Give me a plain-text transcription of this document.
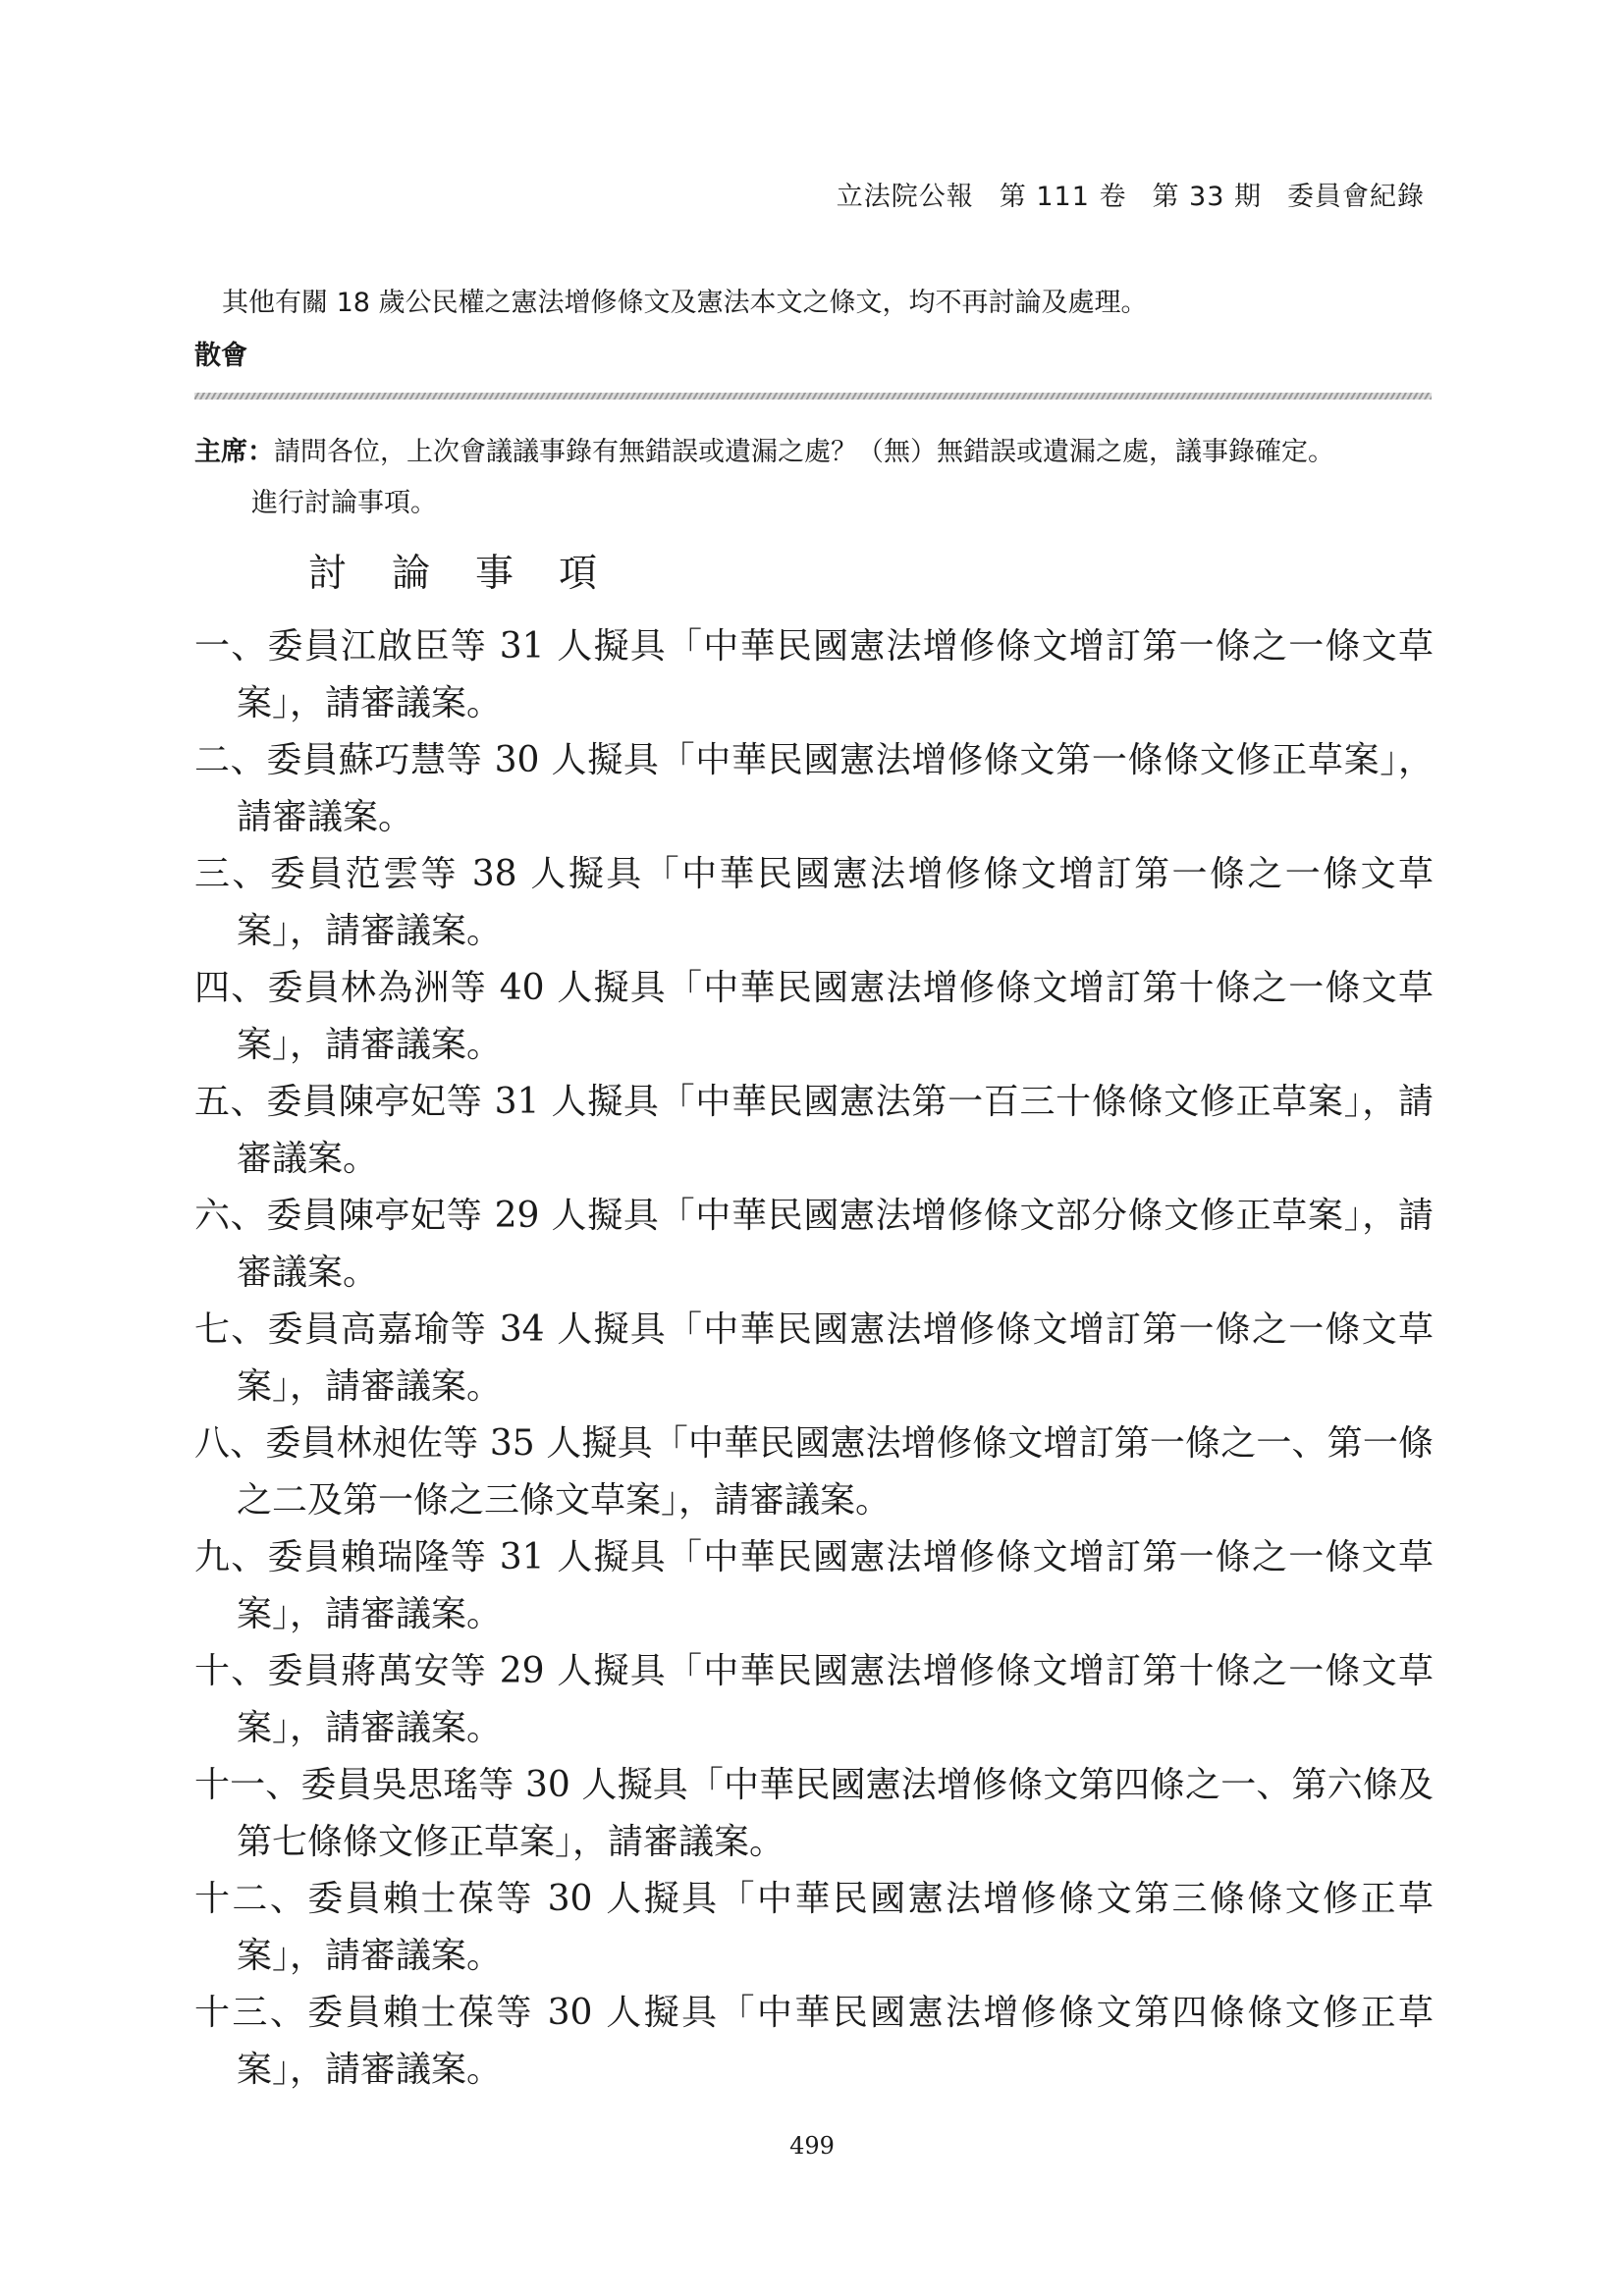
立法院公報 第 111 卷 第 33 期 委員會紀錄
其他有關 18 歲公民權之憲法增修條文及憲法本文之條文，均不再討論及處理。
散會
主席：請問各位，上次會議議事錄有無錯誤或遺漏之處？（無）無錯誤或遺漏之處，議事錄確定。
進行討論事項。
討論事項
一、委員江啟臣等 31 人擬具「中華民國憲法增修條文增訂第一條之一條文草案」，請審議案。
二、委員蘇巧慧等 30 人擬具「中華民國憲法增修條文第一條條文修正草案」，請審議案。
三、委員范雲等 38 人擬具「中華民國憲法增修條文增訂第一條之一條文草案」，請審議案。
四、委員林為洲等 40 人擬具「中華民國憲法增修條文增訂第十條之一條文草案」，請審議案。
五、委員陳亭妃等 31 人擬具「中華民國憲法第一百三十條條文修正草案」，請審議案。
六、委員陳亭妃等 29 人擬具「中華民國憲法增修條文部分條文修正草案」，請審議案。
七、委員高嘉瑜等 34 人擬具「中華民國憲法增修條文增訂第一條之一條文草案」，請審議案。
八、委員林昶佐等 35 人擬具「中華民國憲法增修條文增訂第一條之一、第一條之二及第一條之三條文草案」，請審議案。
九、委員賴瑞隆等 31 人擬具「中華民國憲法增修條文增訂第一條之一條文草案」，請審議案。
十、委員蔣萬安等 29 人擬具「中華民國憲法增修條文增訂第十條之一條文草案」，請審議案。
十一、委員吳思瑤等 30 人擬具「中華民國憲法增修條文第四條之一、第六條及第七條條文修正草案」，請審議案。
十二、委員賴士葆等 30 人擬具「中華民國憲法增修條文第三條條文修正草案」，請審議案。
十三、委員賴士葆等 30 人擬具「中華民國憲法增修條文第四條條文修正草案」，請審議案。
499
